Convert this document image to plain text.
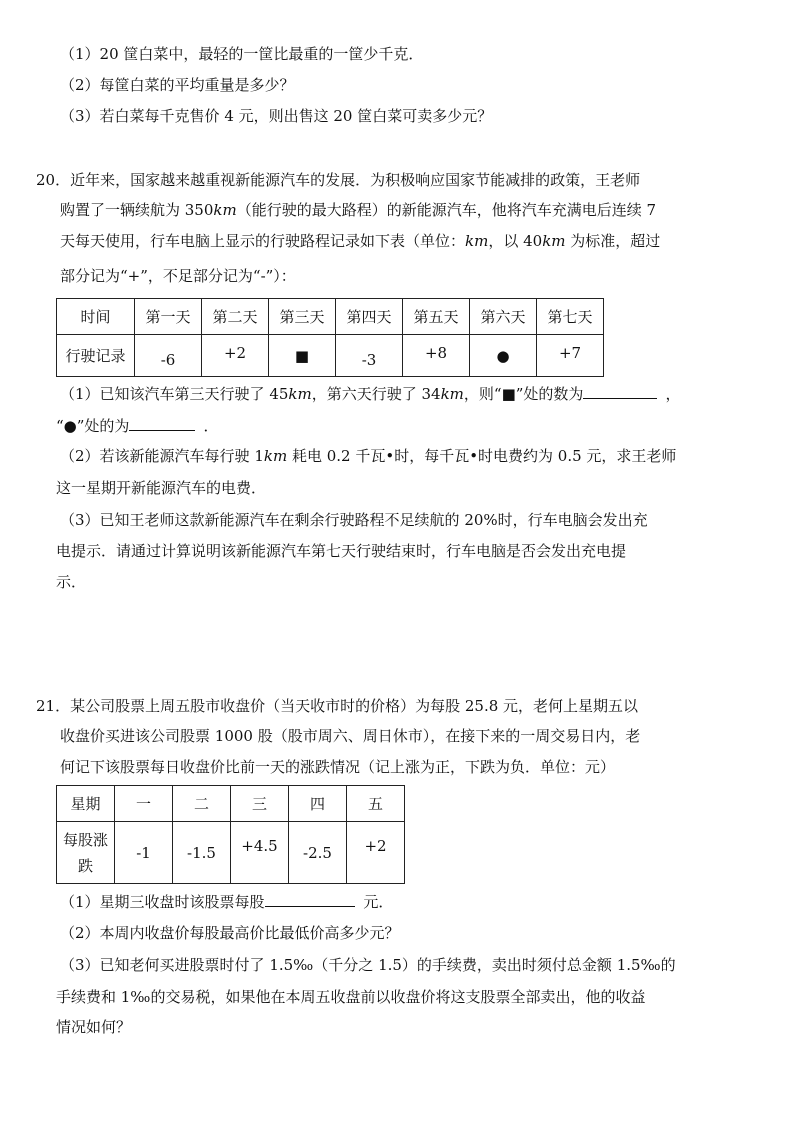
（1）20 筐白菜中，最轻的一筐比最重的一筐少千克．
（2）每筐白菜的平均重量是多少？
（3）若白菜每千克售价 4 元，则出售这 20 筐白菜可卖多少元？
20．近年来，国家越来越重视新能源汽车的发展．为积极响应国家节能减排的政策，王老师
购置了一辆续航为 350km（能行驶的最大路程）的新能源汽车，他将汽车充满电后连续 7
天每天使用，行车电脑上显示的行驶路程记录如下表（单位：km，以 40km 为标准，超过
部分记为“+”，不足部分记为“-”）：
时间	第一天	第二天	第三天	第四天	第五天	第六天	第七天
行驶记录	-6	+2	■	-3	+8	●	+7
（1）已知该汽车第三天行驶了 45km，第六天行驶了 34km，则“■”处的数为	，
“●”处的为	．
（2）若该新能源汽车每行驶 1km 耗电 0.2 千瓦•时，每千瓦•时电费约为 0.5 元，求王老师
这一星期开新能源汽车的电费．
（3）已知王老师这款新能源汽车在剩余行驶路程不足续航的 20%时，行车电脑会发出充
电提示．请通过计算说明该新能源汽车第七天行驶结束时，行车电脑是否会发出充电提
示．
21．某公司股票上周五股市收盘价（当天收市时的价格）为每股 25.8 元，老何上星期五以
收盘价买进该公司股票 1000 股（股市周六、周日休市），在接下来的一周交易日内，老
何记下该股票每日收盘价比前一天的涨跌情况（记上涨为正，下跌为负．单位：元）
星期	一	二	三	四	五

每股涨
跌	-1	-1.5	+4.5	-2.5	+2
（1）星期三收盘时该股票每股	元．
（2）本周内收盘价每股最高价比最低价高多少元？
（3）已知老何买进股票时付了 1.5‰（千分之 1.5）的手续费，卖出时须付总金额 1.5‰的
手续费和 1‰的交易税，如果他在本周五收盘前以收盘价将这支股票全部卖出，他的收益
情况如何？
